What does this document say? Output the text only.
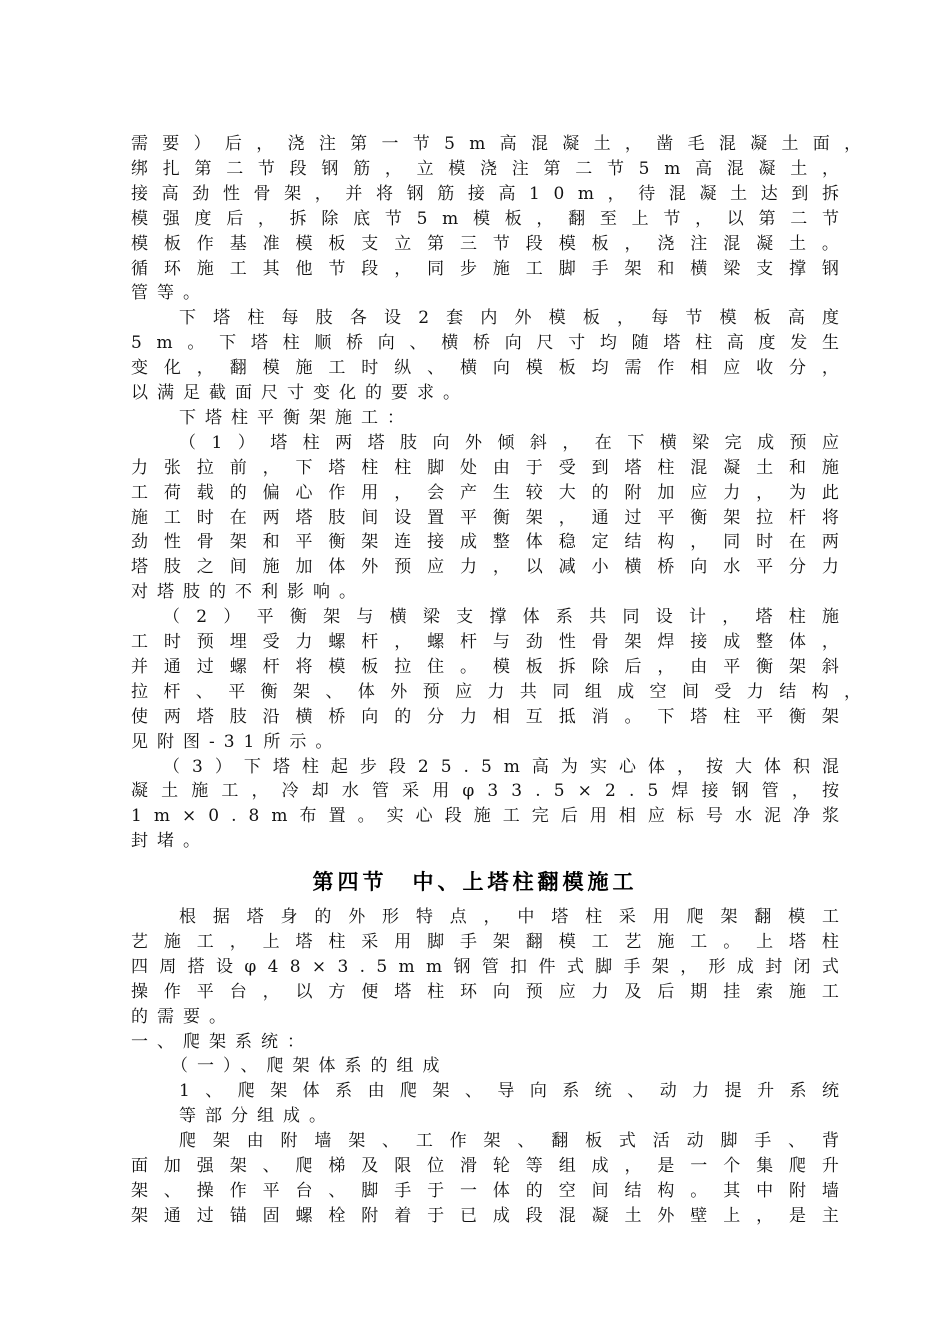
需要）后，浇注第一节5m高混凝土，凿毛混凝土面，
绑扎第二节段钢筋，立模浇注第二节5m高混凝土，
接高劲性骨架，并将钢筋接高10m，待混凝土达到拆
模强度后，拆除底节5m模板，翻至上节，以第二节
模板作基准模板支立第三节段模板，浇注混凝土。
循环施工其他节段，同步施工脚手架和横梁支撑钢
管等。
下塔柱每肢各设2套内外模板，每节模板高度
5m。下塔柱顺桥向、横桥向尺寸均随塔柱高度发生
变化，翻模施工时纵、横向模板均需作相应收分，
以满足截面尺寸变化的要求。
下塔柱平衡架施工：
（1）塔柱两塔肢向外倾斜，在下横梁完成预应
力张拉前，下塔柱柱脚处由于受到塔柱混凝土和施
工荷载的偏心作用，会产生较大的附加应力，为此
施工时在两塔肢间设置平衡架，通过平衡架拉杆将
劲性骨架和平衡架连接成整体稳定结构，同时在两
塔肢之间施加体外预应力，以减小横桥向水平分力
对塔肢的不利影响。
（2）平衡架与横梁支撑体系共同设计，塔柱施
工时预埋受力螺杆，螺杆与劲性骨架焊接成整体，
并通过螺杆将模板拉住。模板拆除后，由平衡架斜
拉杆、平衡架、体外预应力共同组成空间受力结构，
使两塔肢沿横桥向的分力相互抵消。下塔柱平衡架
见附图-31所示。
（3）下塔柱起步段25.5m高为实心体，按大体积混
凝土施工，冷却水管采用φ33.5×2.5焊接钢管，按
1m×0.8m布置。实心段施工完后用相应标号水泥净浆
封堵。
第四节　中、上塔柱翻模施工
根据塔身的外形特点，中塔柱采用爬架翻模工
艺施工，上塔柱采用脚手架翻模工艺施工。上塔柱
四周搭设φ48×3.5mm钢管扣件式脚手架，形成封闭式
操作平台，以方便塔柱环向预应力及后期挂索施工
的需要。
一、爬架系统：
（一）、爬架体系的组成
1、爬架体系由爬架、导向系统、动力提升系统
等部分组成。
爬架由附墙架、工作架、翻板式活动脚手、背
面加强架、爬梯及限位滑轮等组成，是一个集爬升
架、操作平台、脚手于一体的空间结构。其中附墙
架通过锚固螺栓附着于已成段混凝土外壁上，是主
